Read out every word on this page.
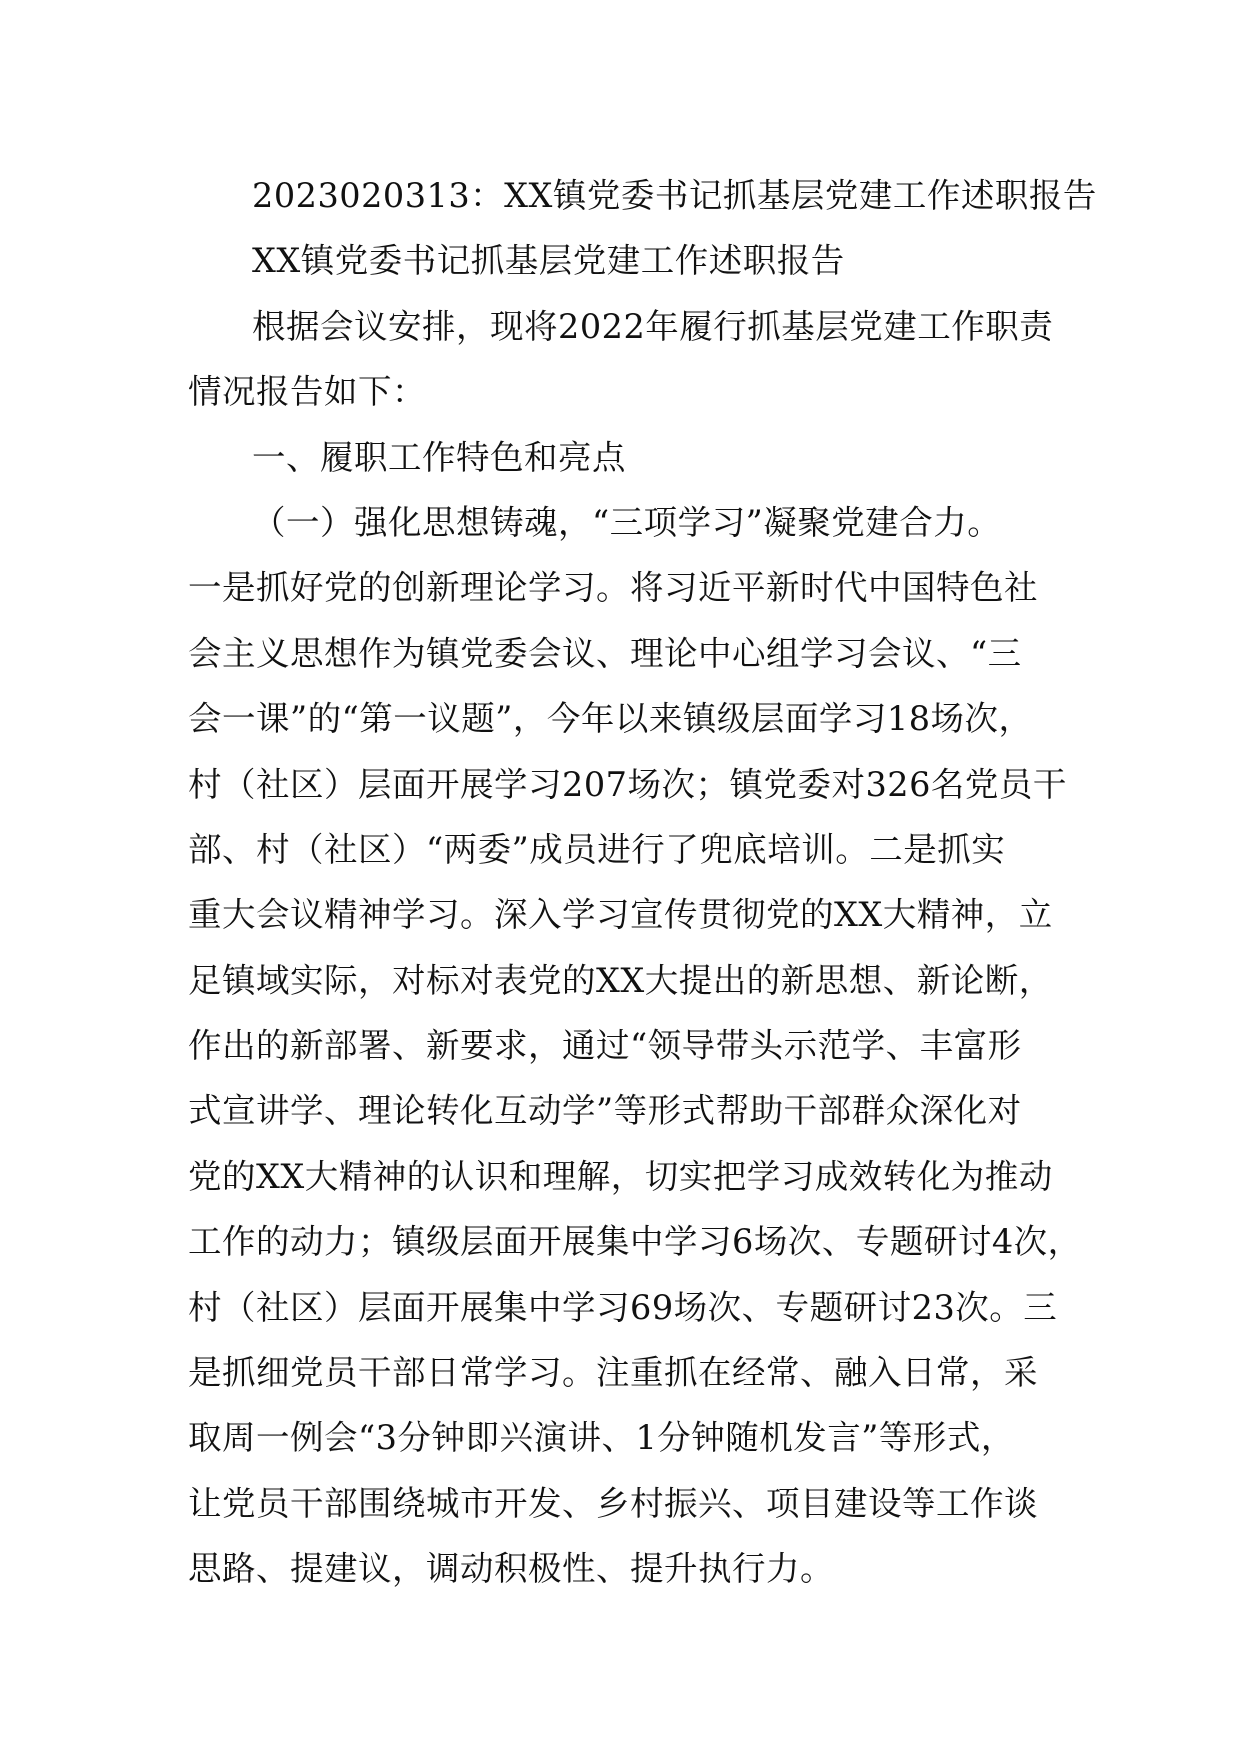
2023020313：XX镇党委书记抓基层党建工作述职报告
XX镇党委书记抓基层党建工作述职报告
根据会议安排，现将2022年履行抓基层党建工作职责
情况报告如下：
一、履职工作特色和亮点
（一）强化思想铸魂，“三项学习”凝聚党建合力。
一是抓好党的创新理论学习。将习近平新时代中国特色社
会主义思想作为镇党委会议、理论中心组学习会议、“三
会一课”的“第一议题”，今年以来镇级层面学习18场次，
村（社区）层面开展学习207场次；镇党委对326名党员干
部、村（社区）“两委”成员进行了兜底培训。二是抓实
重大会议精神学习。深入学习宣传贯彻党的XX大精神，立
足镇域实际，对标对表党的XX大提出的新思想、新论断，
作出的新部署、新要求，通过“领导带头示范学、丰富形
式宣讲学、理论转化互动学”等形式帮助干部群众深化对
党的XX大精神的认识和理解，切实把学习成效转化为推动
工作的动力；镇级层面开展集中学习6场次、专题研讨4次，
村（社区）层面开展集中学习69场次、专题研讨23次。三
是抓细党员干部日常学习。注重抓在经常、融入日常，采
取周一例会“3分钟即兴演讲、1分钟随机发言”等形式，
让党员干部围绕城市开发、乡村振兴、项目建设等工作谈
思路、提建议，调动积极性、提升执行力。
